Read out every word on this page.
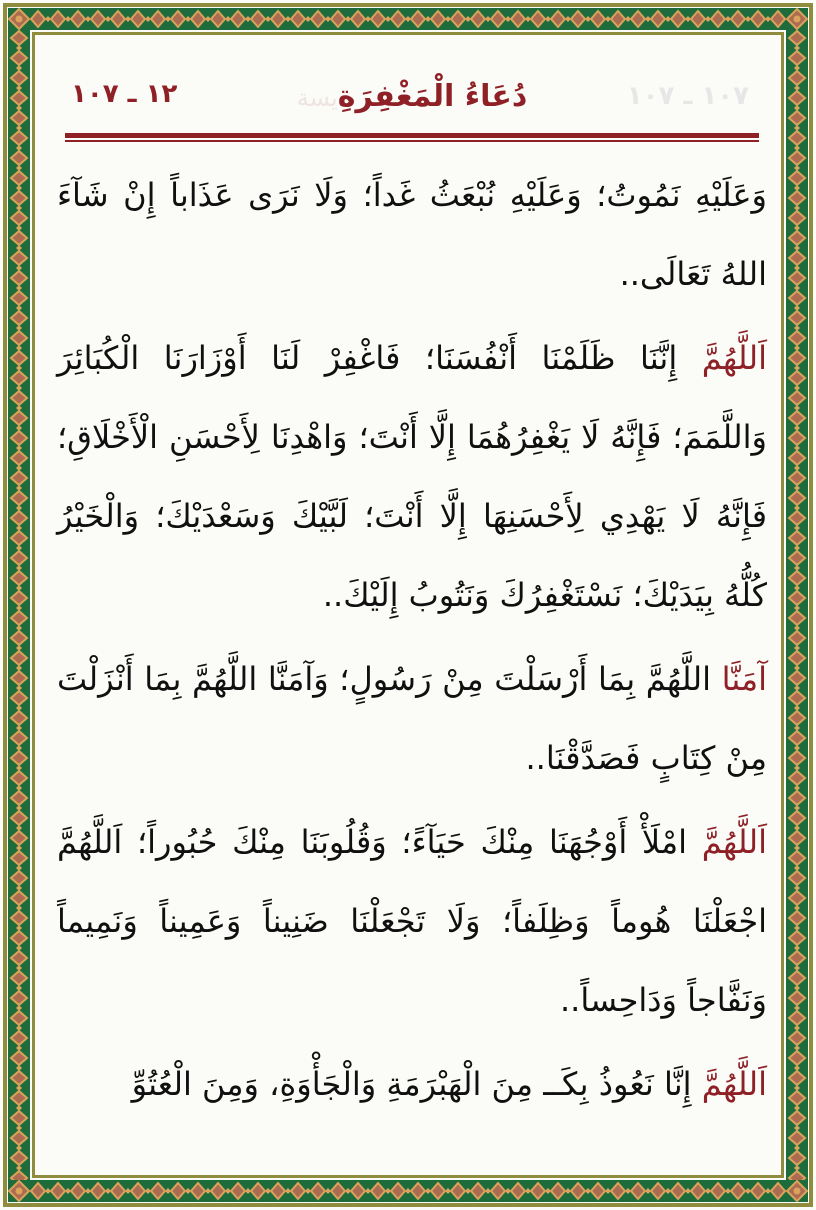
١٢ ـ ١٠٧	دُعَاءُ الْمَغْفِرَةِيسة	١٠٧ ـ ١٠٧

وَعَلَيْهِ نَمُوتُ؛ وَعَلَيْهِ نُبْعَثُ غَداً؛ وَلَا نَرَى عَذَاباً إِنْ شَآءَ اللهُ تَعَالَى..

اَللَّهُمَّ إِنَّنَا ظَلَمْنَا أَنْفُسَنَا؛ فَاغْفِرْ لَنَا أَوْزَارَنَا الْكُبَائِرَ وَاللَّمَمَ؛ فَإِنَّهُ لَا يَغْفِرُهُمَا إِلَّا أَنْتَ؛ وَاهْدِنَا لِأَحْسَنِ الْأَخْلَاقِ؛ فَإِنَّهُ لَا يَهْدِي لِأَحْسَنِهَا إِلَّا أَنْتَ؛ لَبَّيْكَ وَسَعْدَيْكَ؛ وَالْخَيْرُ كُلُّهُ بِيَدَيْكَ؛ نَسْتَغْفِرُكَ وَنَتُوبُ إِلَيْكَ..

آمَنَّا اللَّهُمَّ بِمَا أَرْسَلْتَ مِنْ رَسُولٍ؛ وَآمَنَّا اللَّهُمَّ بِمَا أَنْزَلْتَ مِنْ كِتَابٍ فَصَدَّقْنَا..

اَللَّهُمَّ امْلَأْ أَوْجُهَنَا مِنْكَ حَيَآءً؛ وَقُلُوبَنَا مِنْكَ حُبُوراً؛ اَللَّهُمَّ اجْعَلْنَا هُوماً وَظِلَفاً؛ وَلَا تَجْعَلْنَا ضَنِيناً وَعَمِيناً وَنَمِيماً وَنَفَّاجاً وَدَاحِساً..

اَللَّهُمَّ إِنَّا نَعُوذُ بِكَــ مِنَ الْهَبْرَمَةِ وَالْجَأْوَةِ، وَمِنَ الْعُتُوِّ
